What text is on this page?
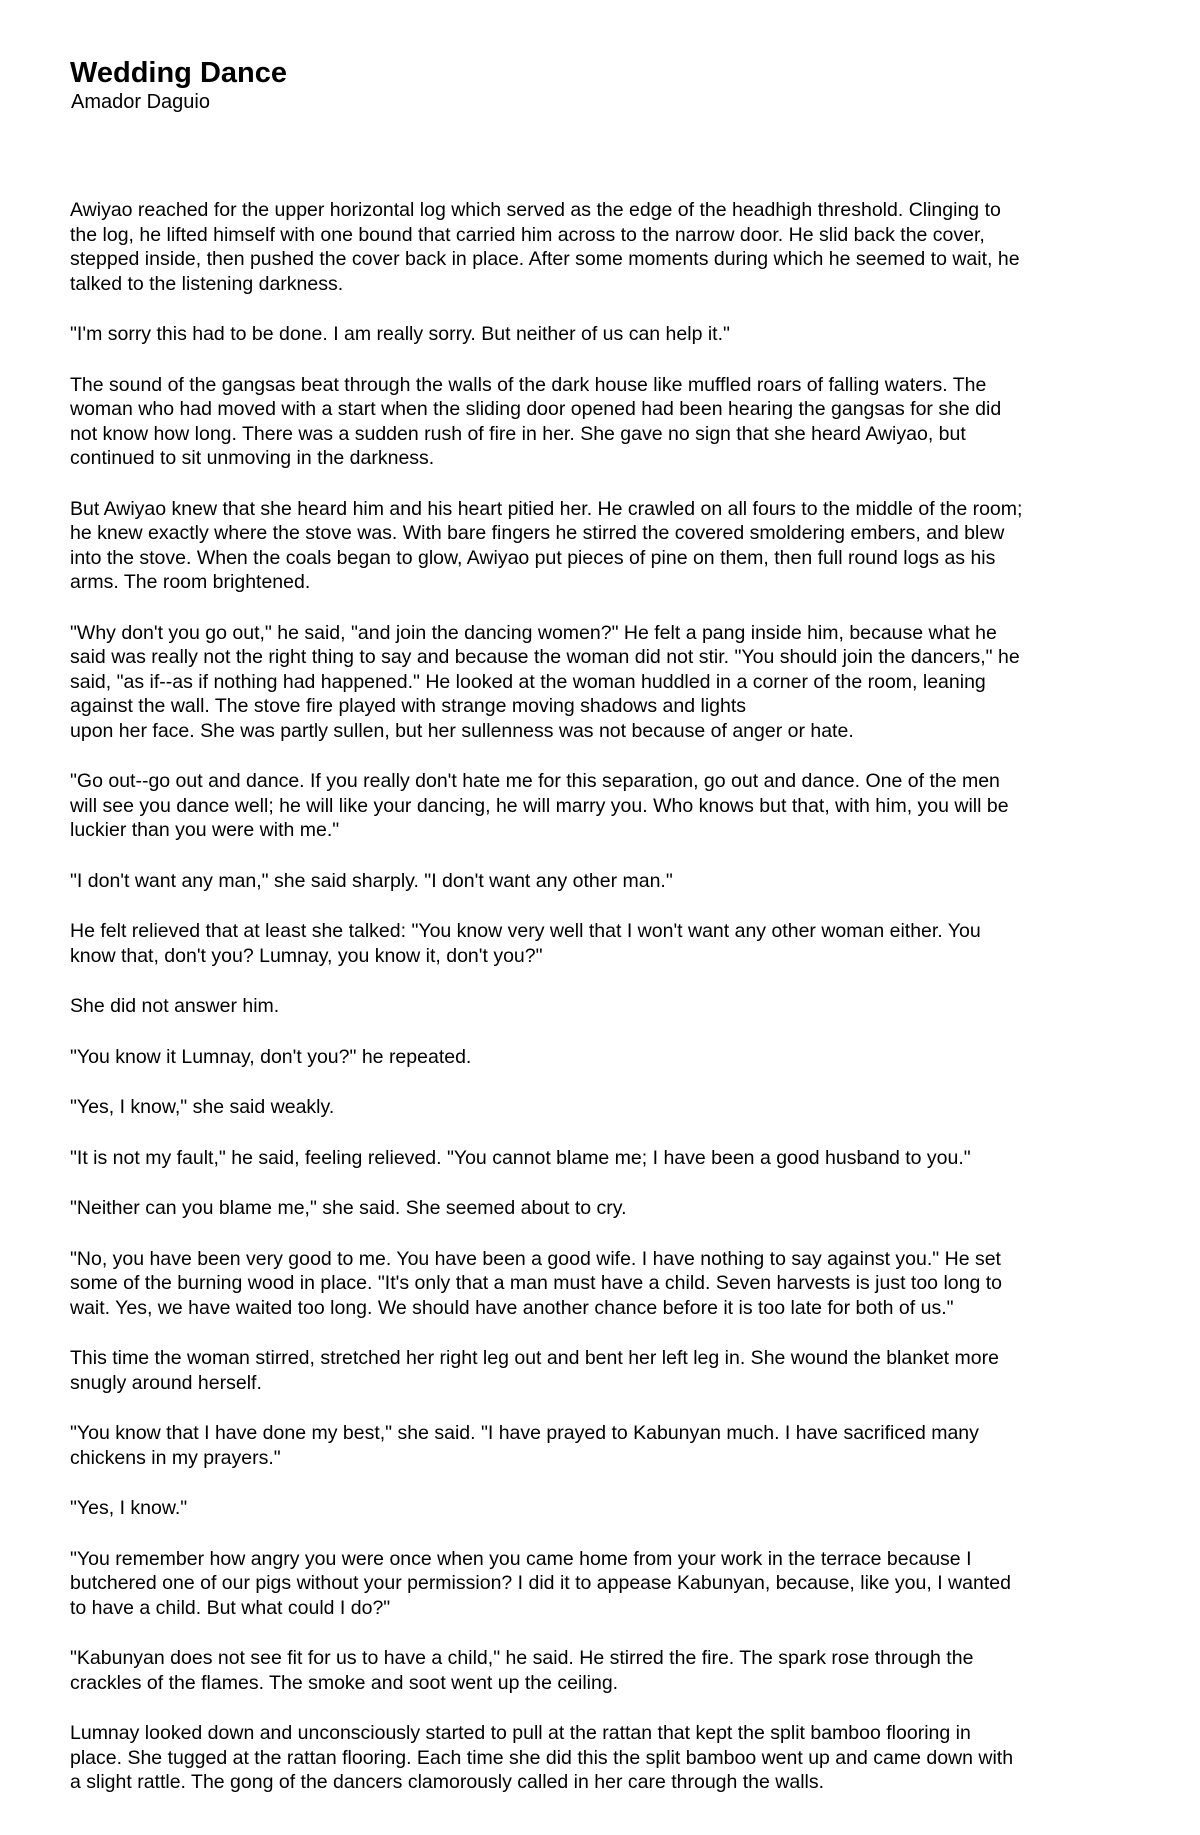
Wedding Dance
Amador Daguio

Awiyao reached for the upper horizontal log which served as the edge of the headhigh threshold. Clinging to
the log, he lifted himself with one bound that carried him across to the narrow door. He slid back the cover,
stepped inside, then pushed the cover back in place. After some moments during which he seemed to wait, he
talked to the listening darkness.

"I'm sorry this had to be done. I am really sorry. But neither of us can help it."

The sound of the gangsas beat through the walls of the dark house like muffled roars of falling waters. The
woman who had moved with a start when the sliding door opened had been hearing the gangsas for she did
not know how long. There was a sudden rush of fire in her. She gave no sign that she heard Awiyao, but
continued to sit unmoving in the darkness.

But Awiyao knew that she heard him and his heart pitied her. He crawled on all fours to the middle of the room;
he knew exactly where the stove was. With bare fingers he stirred the covered smoldering embers, and blew
into the stove. When the coals began to glow, Awiyao put pieces of pine on them, then full round logs as his
arms. The room brightened.

"Why don't you go out," he said, "and join the dancing women?" He felt a pang inside him, because what he
said was really not the right thing to say and because the woman did not stir. "You should join the dancers," he
said, "as if--as if nothing had happened." He looked at the woman huddled in a corner of the room, leaning
against the wall. The stove fire played with strange moving shadows and lights
upon her face. She was partly sullen, but her sullenness was not because of anger or hate.

"Go out--go out and dance. If you really don't hate me for this separation, go out and dance. One of the men
will see you dance well; he will like your dancing, he will marry you. Who knows but that, with him, you will be
luckier than you were with me."

"I don't want any man," she said sharply. "I don't want any other man."

He felt relieved that at least she talked: "You know very well that I won't want any other woman either. You
know that, don't you? Lumnay, you know it, don't you?"

She did not answer him.

"You know it Lumnay, don't you?" he repeated.

"Yes, I know," she said weakly.

"It is not my fault," he said, feeling relieved. "You cannot blame me; I have been a good husband to you."

"Neither can you blame me," she said. She seemed about to cry.

"No, you have been very good to me. You have been a good wife. I have nothing to say against you." He set
some of the burning wood in place. "It's only that a man must have a child. Seven harvests is just too long to
wait. Yes, we have waited too long. We should have another chance before it is too late for both of us."

This time the woman stirred, stretched her right leg out and bent her left leg in. She wound the blanket more
snugly around herself.

"You know that I have done my best," she said. "I have prayed to Kabunyan much. I have sacrificed many
chickens in my prayers."

"Yes, I know."

"You remember how angry you were once when you came home from your work in the terrace because I
butchered one of our pigs without your permission? I did it to appease Kabunyan, because, like you, I wanted
to have a child. But what could I do?"

"Kabunyan does not see fit for us to have a child," he said. He stirred the fire. The spark rose through the
crackles of the flames. The smoke and soot went up the ceiling.

Lumnay looked down and unconsciously started to pull at the rattan that kept the split bamboo flooring in
place. She tugged at the rattan flooring. Each time she did this the split bamboo went up and came down with
a slight rattle. The gong of the dancers clamorously called in her care through the walls.
